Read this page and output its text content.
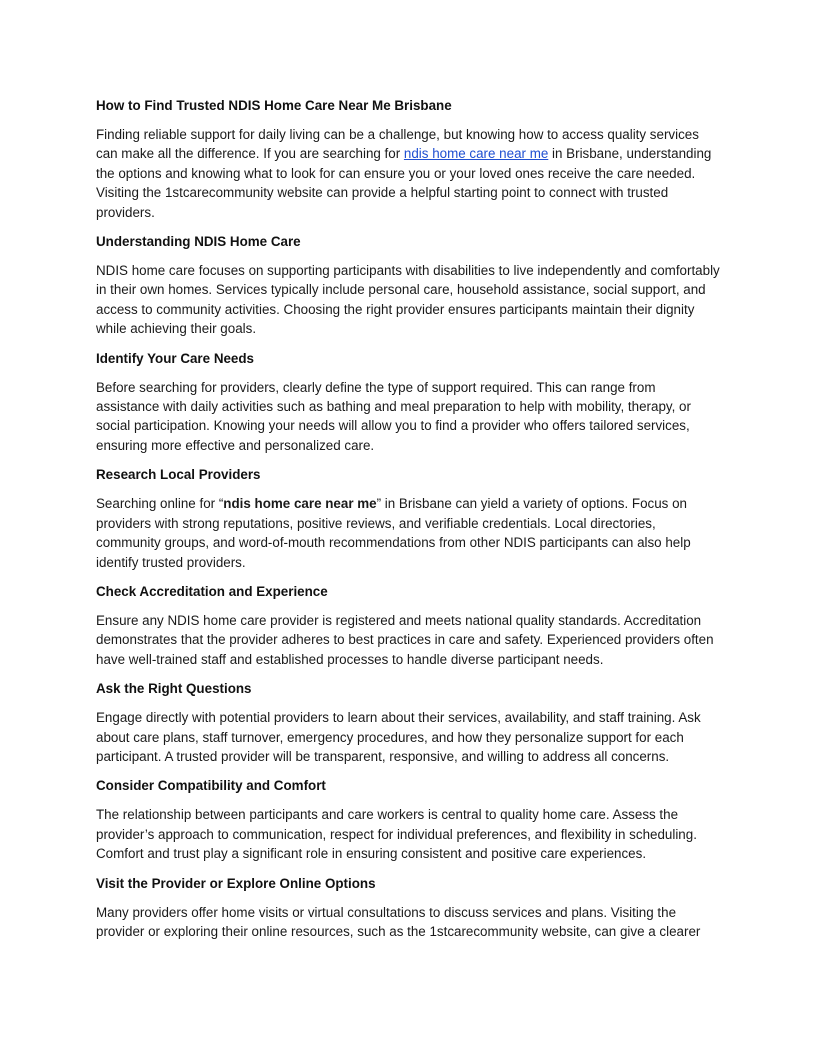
How to Find Trusted NDIS Home Care Near Me Brisbane

Finding reliable support for daily living can be a challenge, but knowing how to access quality services can make all the difference. If you are searching for ndis home care near me in Brisbane, understanding the options and knowing what to look for can ensure you or your loved ones receive the care needed. Visiting the 1stcarecommunity website can provide a helpful starting point to connect with trusted providers.

Understanding NDIS Home Care

NDIS home care focuses on supporting participants with disabilities to live independently and comfortably in their own homes. Services typically include personal care, household assistance, social support, and access to community activities. Choosing the right provider ensures participants maintain their dignity while achieving their goals.

Identify Your Care Needs

Before searching for providers, clearly define the type of support required. This can range from assistance with daily activities such as bathing and meal preparation to help with mobility, therapy, or social participation. Knowing your needs will allow you to find a provider who offers tailored services, ensuring more effective and personalized care.

Research Local Providers

Searching online for “ndis home care near me” in Brisbane can yield a variety of options. Focus on providers with strong reputations, positive reviews, and verifiable credentials. Local directories, community groups, and word-of-mouth recommendations from other NDIS participants can also help identify trusted providers.

Check Accreditation and Experience

Ensure any NDIS home care provider is registered and meets national quality standards. Accreditation demonstrates that the provider adheres to best practices in care and safety. Experienced providers often have well-trained staff and established processes to handle diverse participant needs.

Ask the Right Questions

Engage directly with potential providers to learn about their services, availability, and staff training. Ask about care plans, staff turnover, emergency procedures, and how they personalize support for each participant. A trusted provider will be transparent, responsive, and willing to address all concerns.

Consider Compatibility and Comfort

The relationship between participants and care workers is central to quality home care. Assess the provider’s approach to communication, respect for individual preferences, and flexibility in scheduling. Comfort and trust play a significant role in ensuring consistent and positive care experiences.

Visit the Provider or Explore Online Options

Many providers offer home visits or virtual consultations to discuss services and plans. Visiting the provider or exploring their online resources, such as the 1stcarecommunity website, can give a clearer
